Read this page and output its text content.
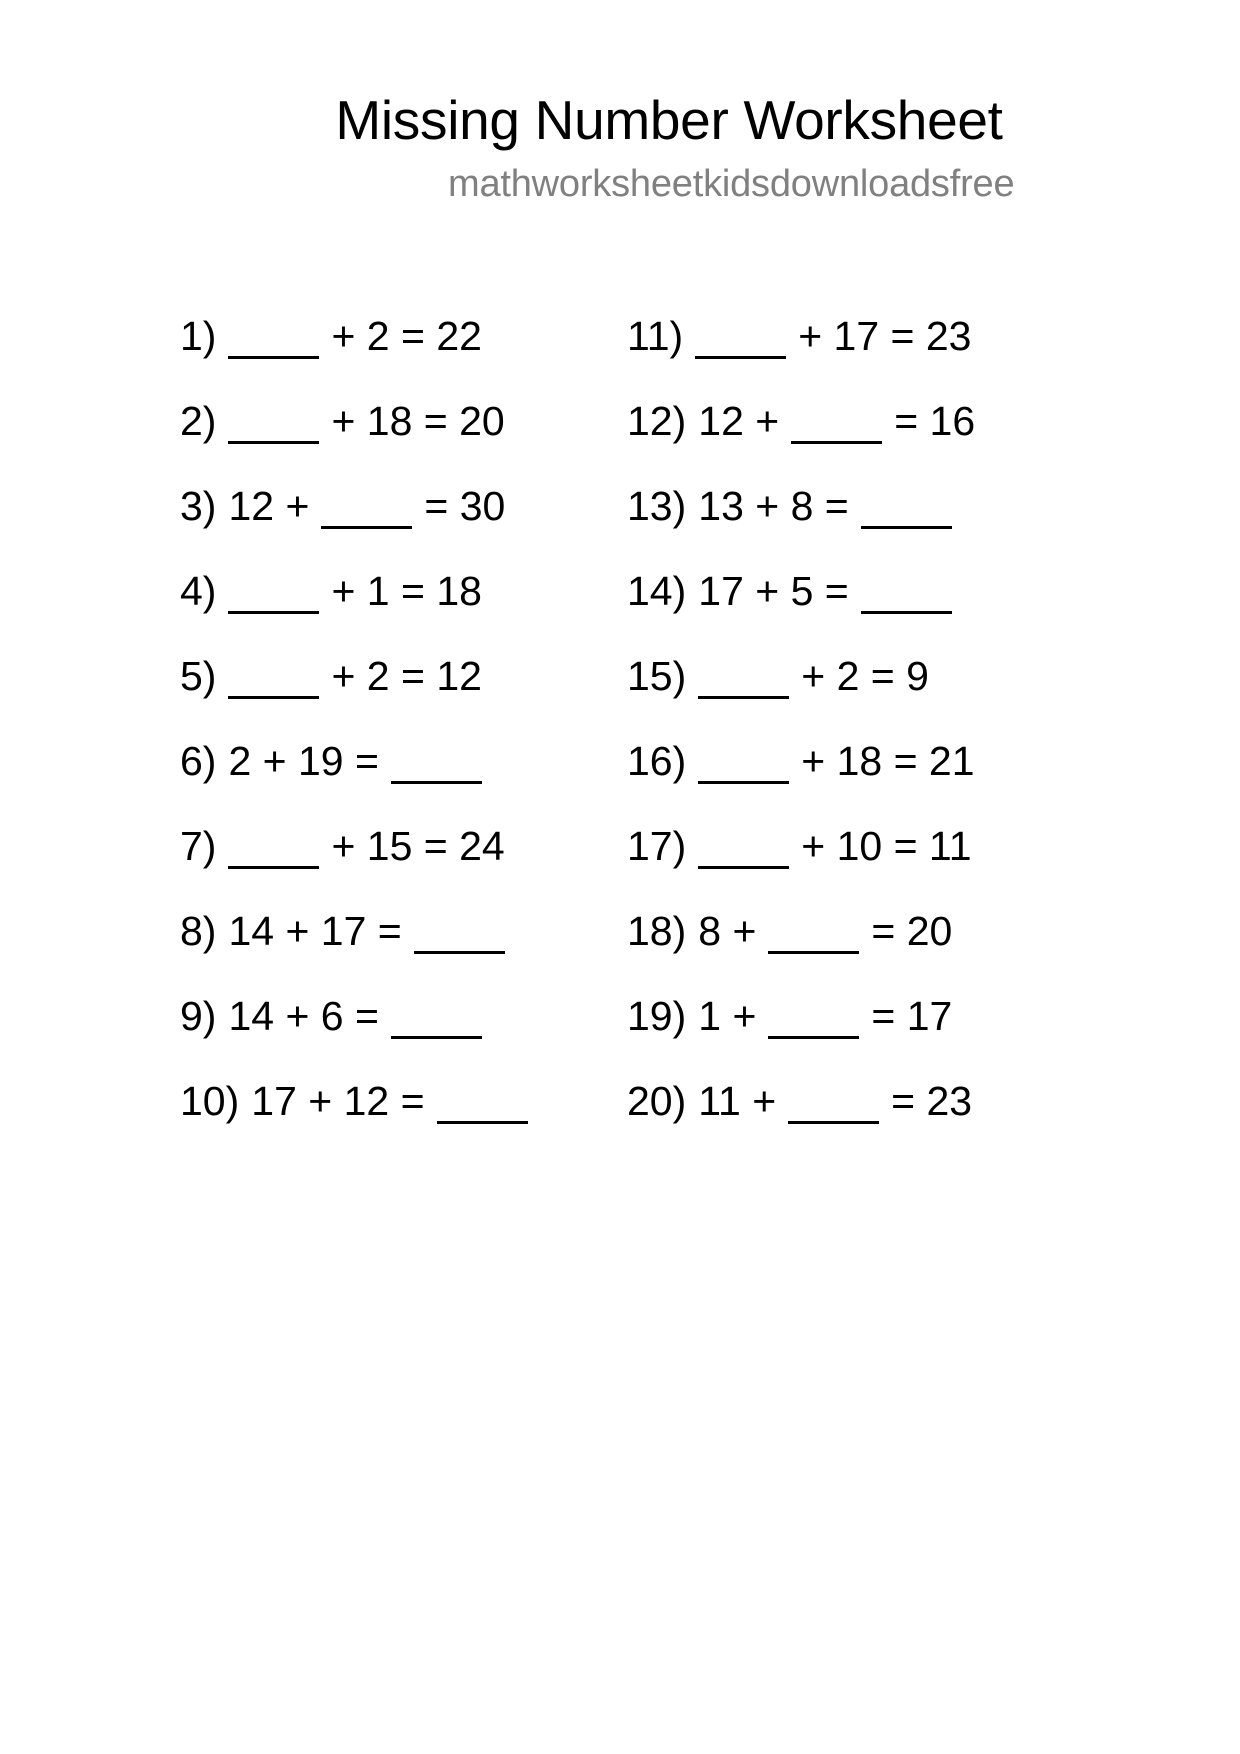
Missing Number Worksheet
mathworksheetkidsdownloadsfree
1)	+ 2 = 22
2)	+ 18 = 20
3) 12 +	= 30
4)	+ 1 = 18
5)	+ 2 = 12
6) 2 + 19 =
7)	+ 15 = 24
8) 14 + 17 =
9) 14 + 6 =
10) 17 + 12 =
11)	+ 17 = 23
12) 12 +	= 16
13) 13 + 8 =
14) 17 + 5 =
15)	+ 2 = 9
16)	+ 18 = 21
17)	+ 10 = 11
18) 8 +	= 20
19) 1 +	= 17
20) 11 +	= 23
